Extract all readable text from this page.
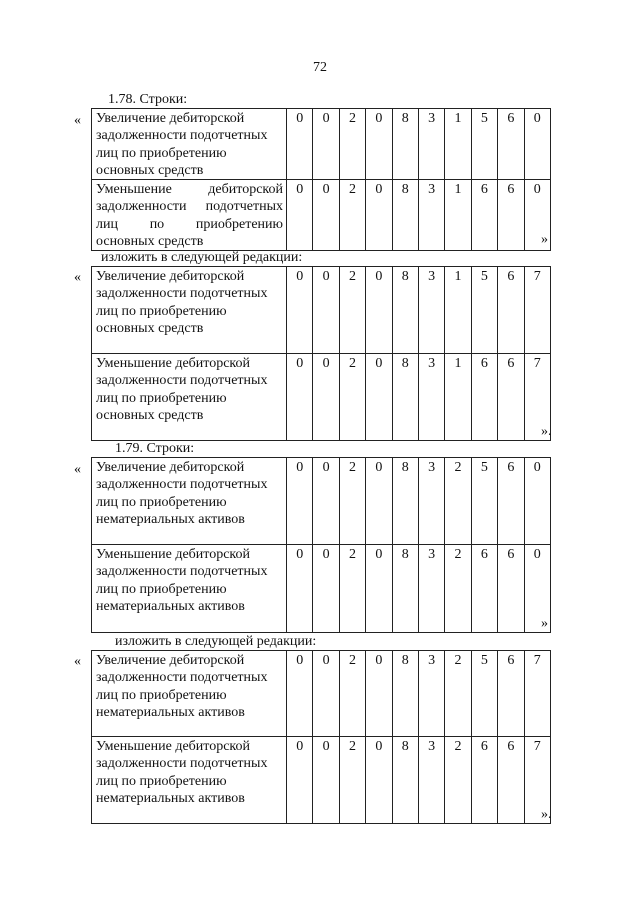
72
1.78. Строки:
« Увеличение дебиторской задолженности подотчетных лиц по приобретению основных средств	0	0	2	0	8	3	1	5	6	0
Уменьшение дебиторской задолженности подотчетных лиц по приобретению основных средств	0	0	2	0	8	3	1	6	6	0
»
изложить в следующей редакции:
« Увеличение дебиторской задолженности подотчетных лиц по приобретению основных средств	0	0	2	0	8	3	1	5	6	7
Уменьшение дебиторской задолженности подотчетных лиц по приобретению основных средств	0	0	2	0	8	3	1	6	6	7
».
1.79. Строки:
« Увеличение дебиторской задолженности подотчетных лиц по приобретению нематериальных активов	0	0	2	0	8	3	2	5	6	0
Уменьшение дебиторской задолженности подотчетных лиц по приобретению нематериальных активов	0	0	2	0	8	3	2	6	6	0
»
изложить в следующей редакции:
« Увеличение дебиторской задолженности подотчетных лиц по приобретению нематериальных активов	0	0	2	0	8	3	2	5	6	7
Уменьшение дебиторской задолженности подотчетных лиц по приобретению нематериальных активов	0	0	2	0	8	3	2	6	6	7
».
